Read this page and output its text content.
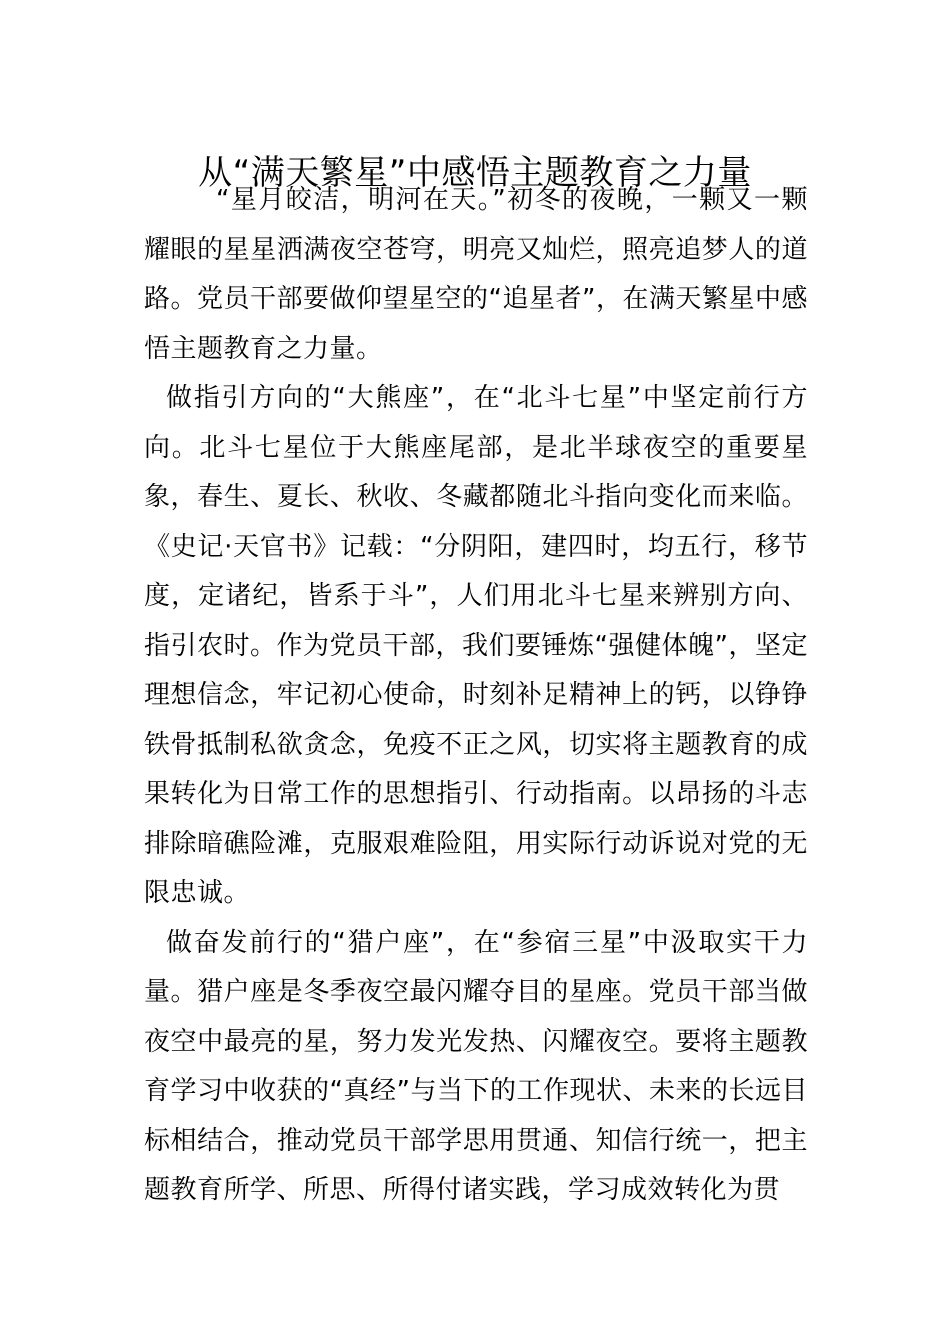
从“满天繁星”中感悟主题教育之力量

“星月皎洁，明河在天。”初冬的夜晚，一颗又一颗耀眼的星星洒满夜空苍穹，明亮又灿烂，照亮追梦人的道路。党员干部要做仰望星空的“追星者”，在满天繁星中感悟主题教育之力量。

做指引方向的“大熊座”，在“北斗七星”中坚定前行方向。北斗七星位于大熊座尾部，是北半球夜空的重要星象，春生、夏长、秋收、冬藏都随北斗指向变化而来临。《史记·天官书》记载：“分阴阳，建四时，均五行，移节度，定诸纪，皆系于斗”，人们用北斗七星来辨别方向、指引农时。作为党员干部，我们要锤炼“强健体魄”，坚定理想信念，牢记初心使命，时刻补足精神上的钙，以铮铮铁骨抵制私欲贪念，免疫不正之风，切实将主题教育的成果转化为日常工作的思想指引、行动指南。以昂扬的斗志排除暗礁险滩，克服艰难险阻，用实际行动诉说对党的无限忠诚。

做奋发前行的“猎户座”，在“参宿三星”中汲取实干力量。猎户座是冬季夜空最闪耀夺目的星座。党员干部当做夜空中最亮的星，努力发光发热、闪耀夜空。要将主题教育学习中收获的“真经”与当下的工作现状、未来的长远目标相结合，推动党员干部学思用贯通、知信行统一，把主题教育所学、所思、所得付诸实践，学习成效转化为贯
